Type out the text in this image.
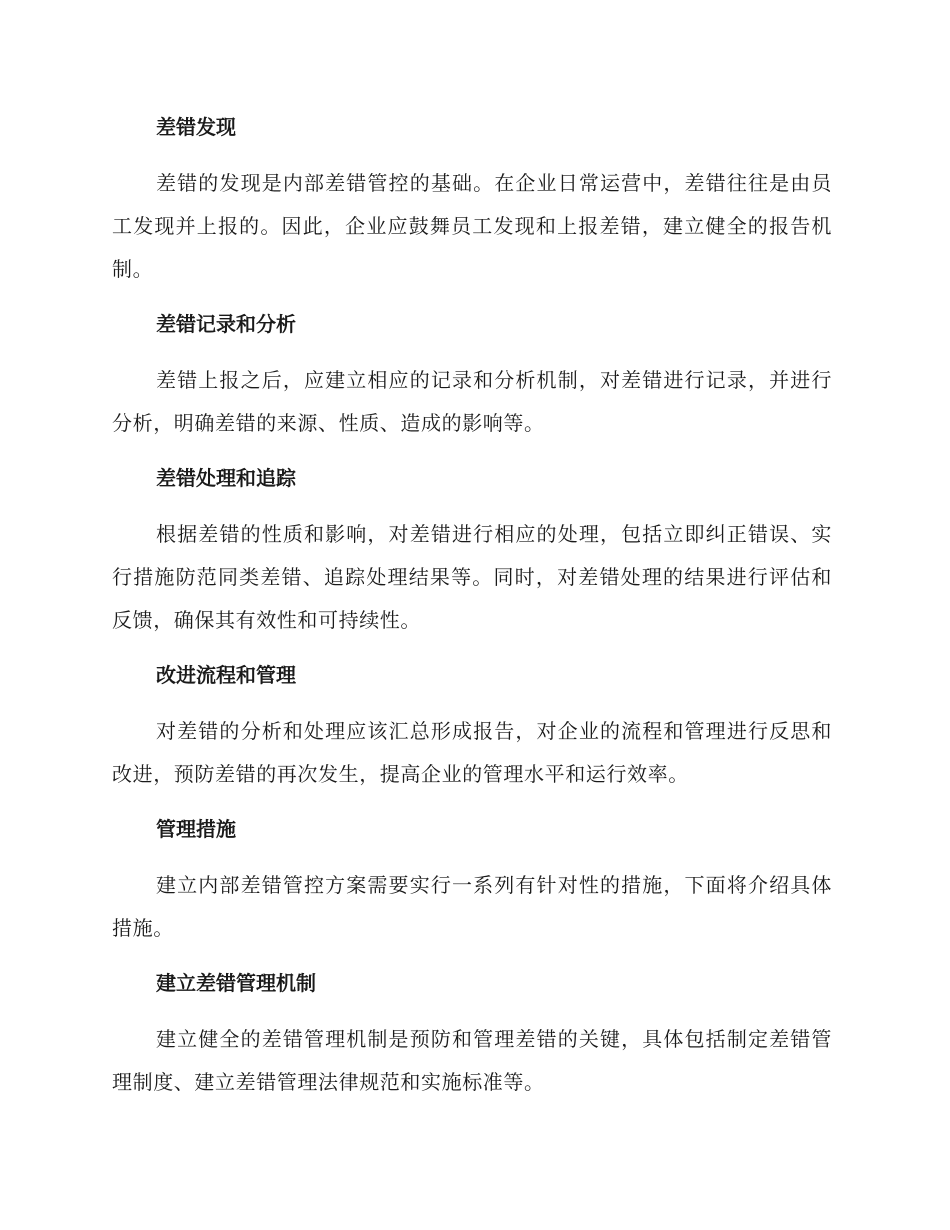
差错发现

差错的发现是内部差错管控的基础。在企业日常运营中，差错往往是由员工发现并上报的。因此，企业应鼓舞员工发现和上报差错，建立健全的报告机制。

差错记录和分析

差错上报之后，应建立相应的记录和分析机制，对差错进行记录，并进行分析，明确差错的来源、性质、造成的影响等。

差错处理和追踪

根据差错的性质和影响，对差错进行相应的处理，包括立即纠正错误、实行措施防范同类差错、追踪处理结果等。同时，对差错处理的结果进行评估和反馈，确保其有效性和可持续性。

改进流程和管理

对差错的分析和处理应该汇总形成报告，对企业的流程和管理进行反思和改进，预防差错的再次发生，提高企业的管理水平和运行效率。

管理措施

建立内部差错管控方案需要实行一系列有针对性的措施，下面将介绍具体措施。

建立差错管理机制

建立健全的差错管理机制是预防和管理差错的关键，具体包括制定差错管理制度、建立差错管理法律规范和实施标准等。
